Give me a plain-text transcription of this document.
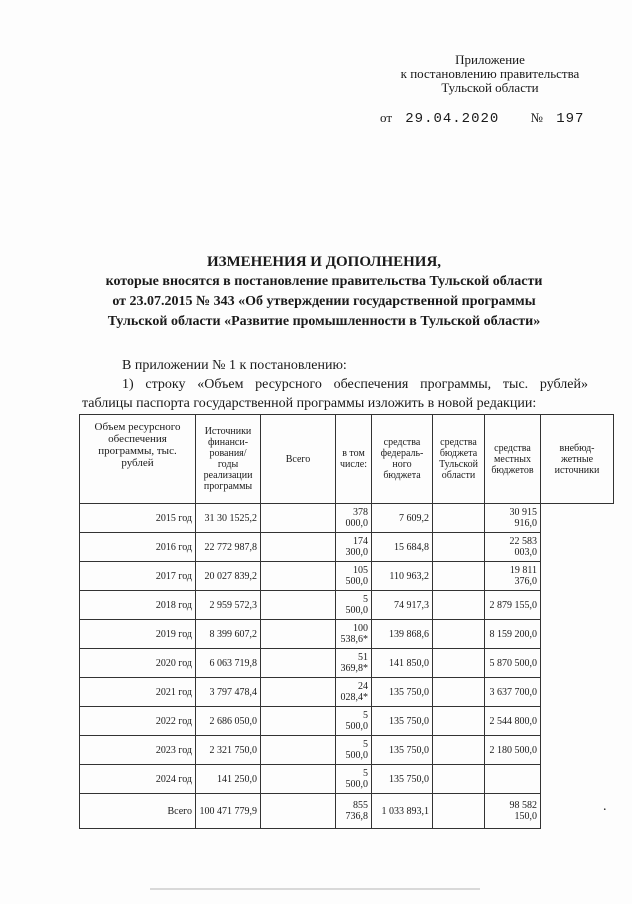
Приложение
к постановлению правительства
Тульской области
от 29.04.2020 № 197
ИЗМЕНЕНИЯ И ДОПОЛНЕНИЯ,
которые вносятся в постановление правительства Тульской области
от 23.07.2015 № 343 «Об утверждении государственной программы
Тульской области «Развитие промышленности в Тульской области»

В приложении № 1 к постановлению:

1) строку «Объем ресурсного обеспечения программы, тыс. рублей»

таблицы паспорта государственной программы изложить в новой редакции:

Объем ресурсного обеспечения программы, тыс. рублей	Источники финанси-рования/ годы реализации программы	Всего	в том числе:	средства федераль-ного бюджета	средства бюджета Тульской области	средства местных бюджетов	внебюд-жетные источники
2015 год	31 30 1525,2		378 000,0	7 609,2		30 915 916,0	
2016 год	22 772 987,8		174 300,0	15 684,8		22 583 003,0	
2017 год	20 027 839,2		105 500,0	110 963,2		19 811 376,0	
2018 год	2 959 572,3		5 500,0	74 917,3		2 879 155,0	
2019 год	8 399 607,2		100 538,6*	139 868,6		8 159 200,0	
2020 год	6 063 719,8		51 369,8*	141 850,0		5 870 500,0	
2021 год	3 797 478,4		24 028,4*	135 750,0		3 637 700,0	
2022 год	2 686 050,0		5 500,0	135 750,0		2 544 800,0	
2023 год	2 321 750,0		5 500,0	135 750,0		2 180 500,0	
2024 год	141 250,0		5 500,0	135 750,0			
Всего	100 471 779,9		855 736,8	1 033 893,1		98 582 150,0	
.
